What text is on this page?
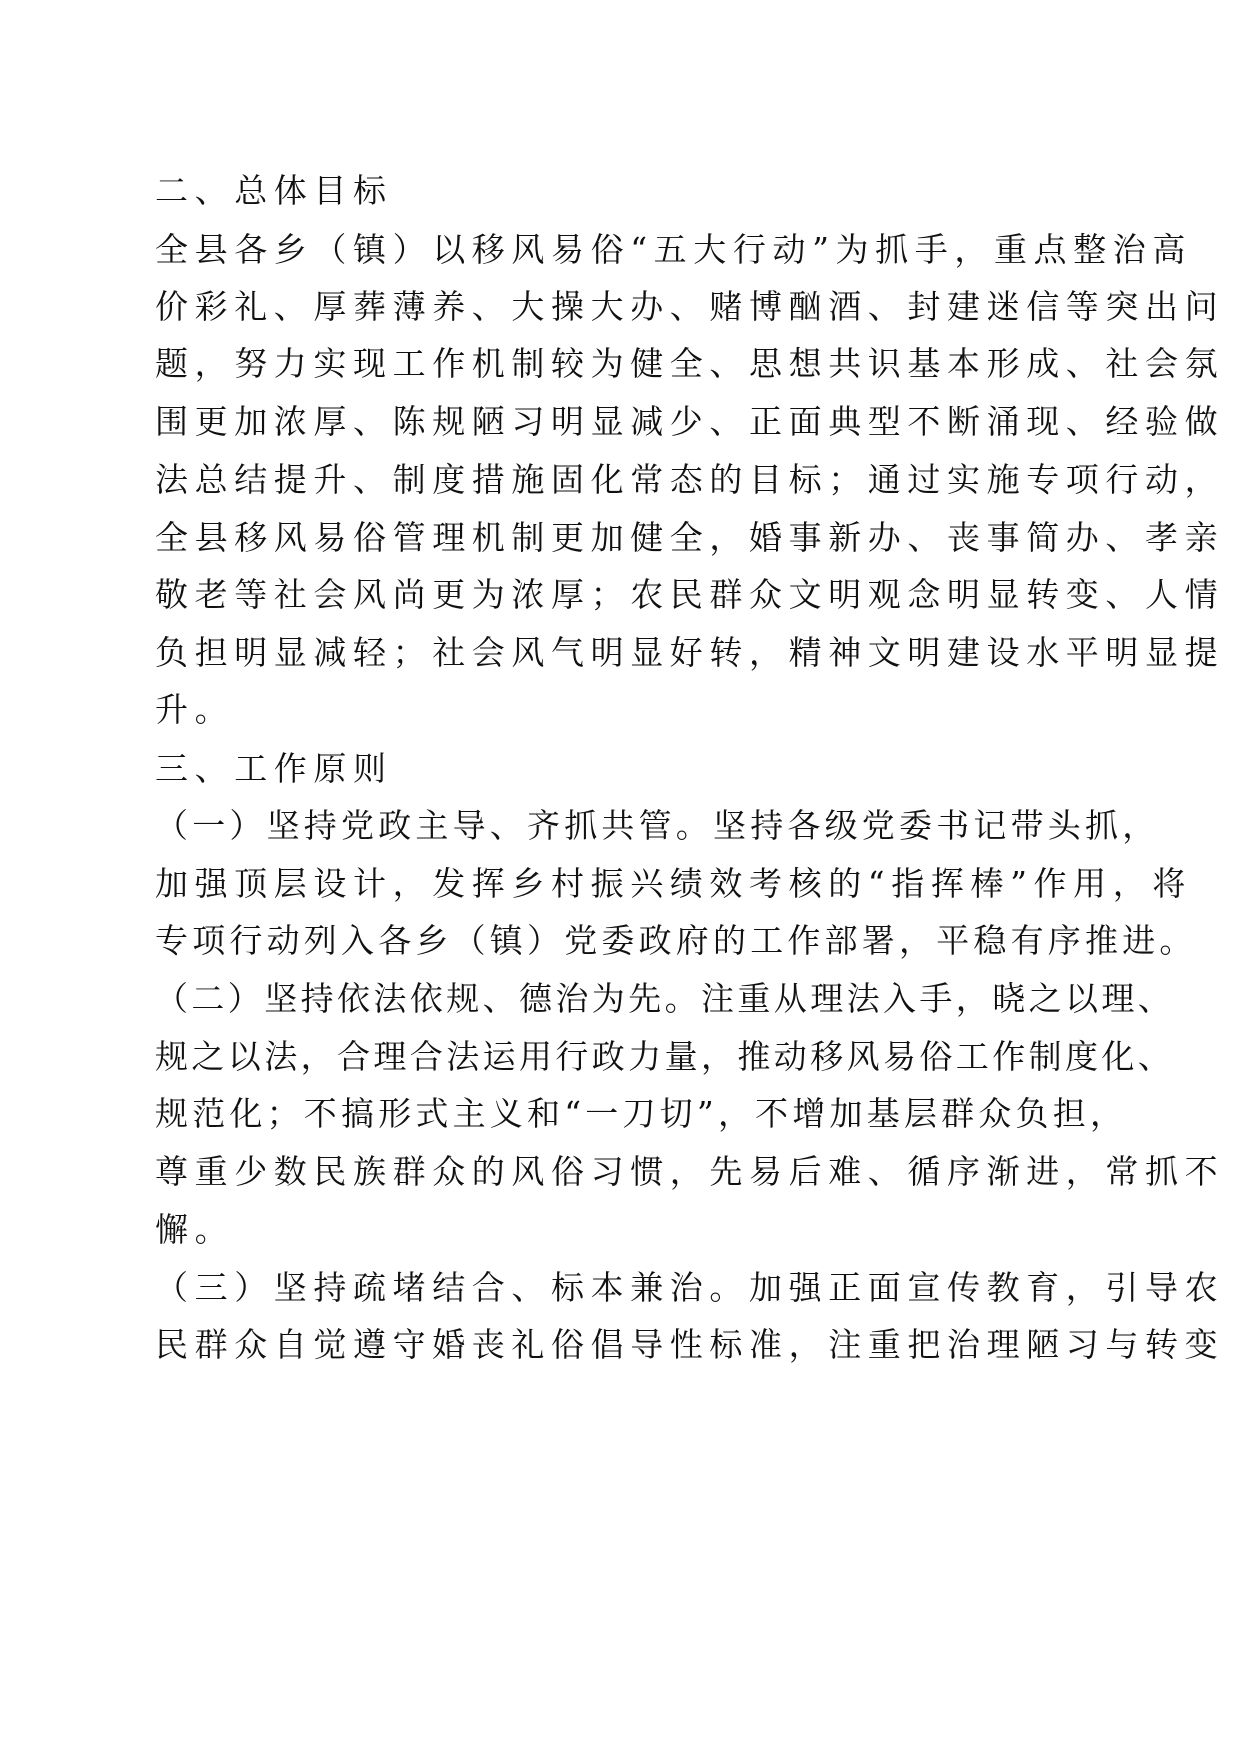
二、总体目标
全县各乡（镇）以移风易俗“五大行动”为抓手，重点整治高
价彩礼、厚葬薄养、大操大办、赌博酗酒、封建迷信等突出问
题，努力实现工作机制较为健全、思想共识基本形成、社会氛
围更加浓厚、陈规陋习明显减少、正面典型不断涌现、经验做
法总结提升、制度措施固化常态的目标；通过实施专项行动，
全县移风易俗管理机制更加健全，婚事新办、丧事简办、孝亲
敬老等社会风尚更为浓厚；农民群众文明观念明显转变、人情
负担明显减轻；社会风气明显好转，精神文明建设水平明显提
升。
三、工作原则
（一）坚持党政主导、齐抓共管。坚持各级党委书记带头抓，
加强顶层设计，发挥乡村振兴绩效考核的“指挥棒”作用，将
专项行动列入各乡（镇）党委政府的工作部署，平稳有序推进。
（二）坚持依法依规、德治为先。注重从理法入手，晓之以理、
规之以法，合理合法运用行政力量，推动移风易俗工作制度化、
规范化；不搞形式主义和“一刀切”，不增加基层群众负担，
尊重少数民族群众的风俗习惯，先易后难、循序渐进，常抓不
懈。
（三）坚持疏堵结合、标本兼治。加强正面宣传教育，引导农
民群众自觉遵守婚丧礼俗倡导性标准，注重把治理陋习与转变
